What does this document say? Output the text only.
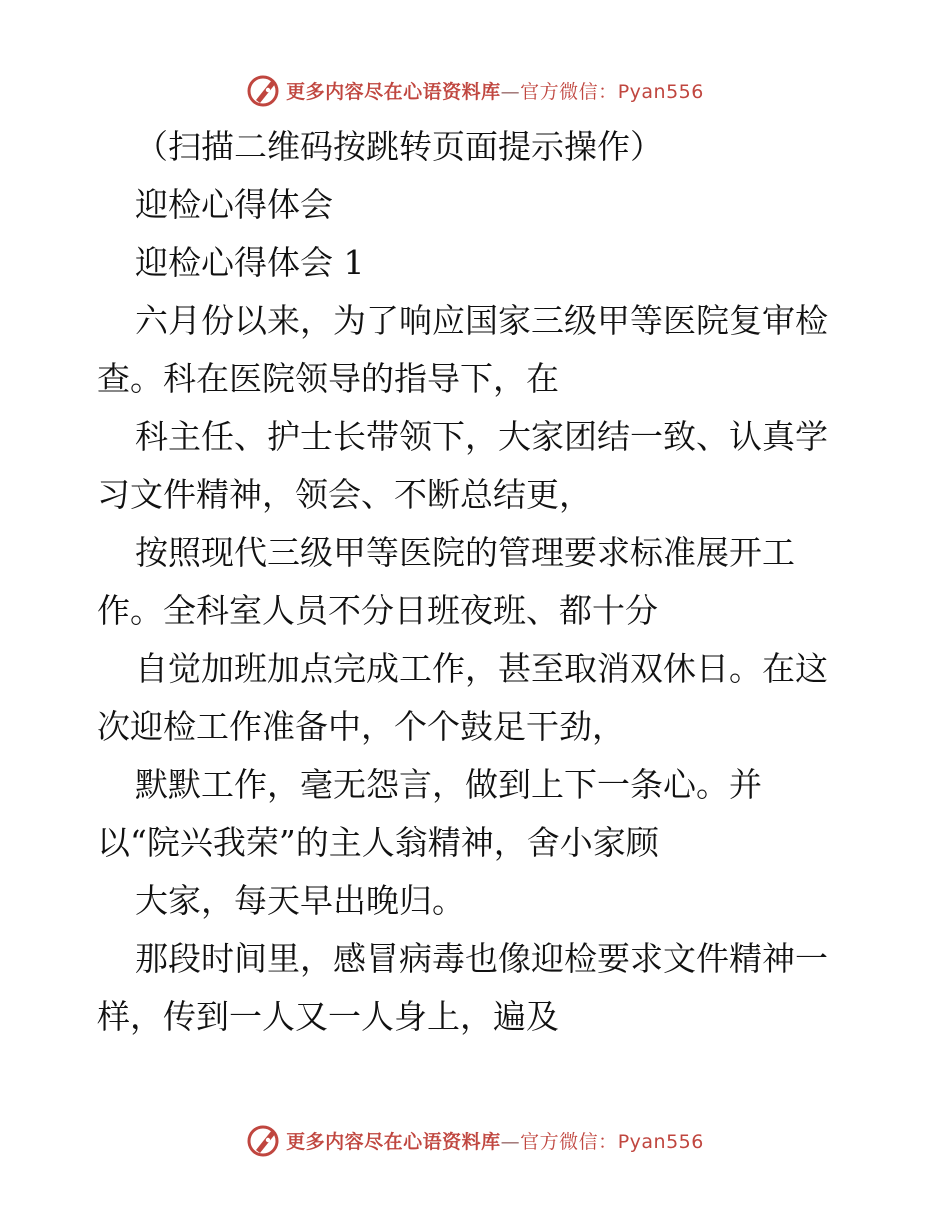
更多内容尽在心语资料库—官方微信：Pyan556

（扫描二维码按跳转页面提示操作）

迎检心得体会

迎检心得体会 1

六月份以来，为了响应国家三级甲等医院复审检

查。科在医院领导的指导下，在

科主任、护士长带领下，大家团结一致、认真学

习文件精神，领会、不断总结更，

按照现代三级甲等医院的管理要求标准展开工

作。全科室人员不分日班夜班、都十分

自觉加班加点完成工作，甚至取消双休日。在这

次迎检工作准备中，个个鼓足干劲，

默默工作，毫无怨言，做到上下一条心。并

以“院兴我荣”的主人翁精神，舍小家顾

大家，每天早出晚归。

那段时间里，感冒病毒也像迎检要求文件精神一

样，传到一人又一人身上，遍及

更多内容尽在心语资料库—官方微信：Pyan556
